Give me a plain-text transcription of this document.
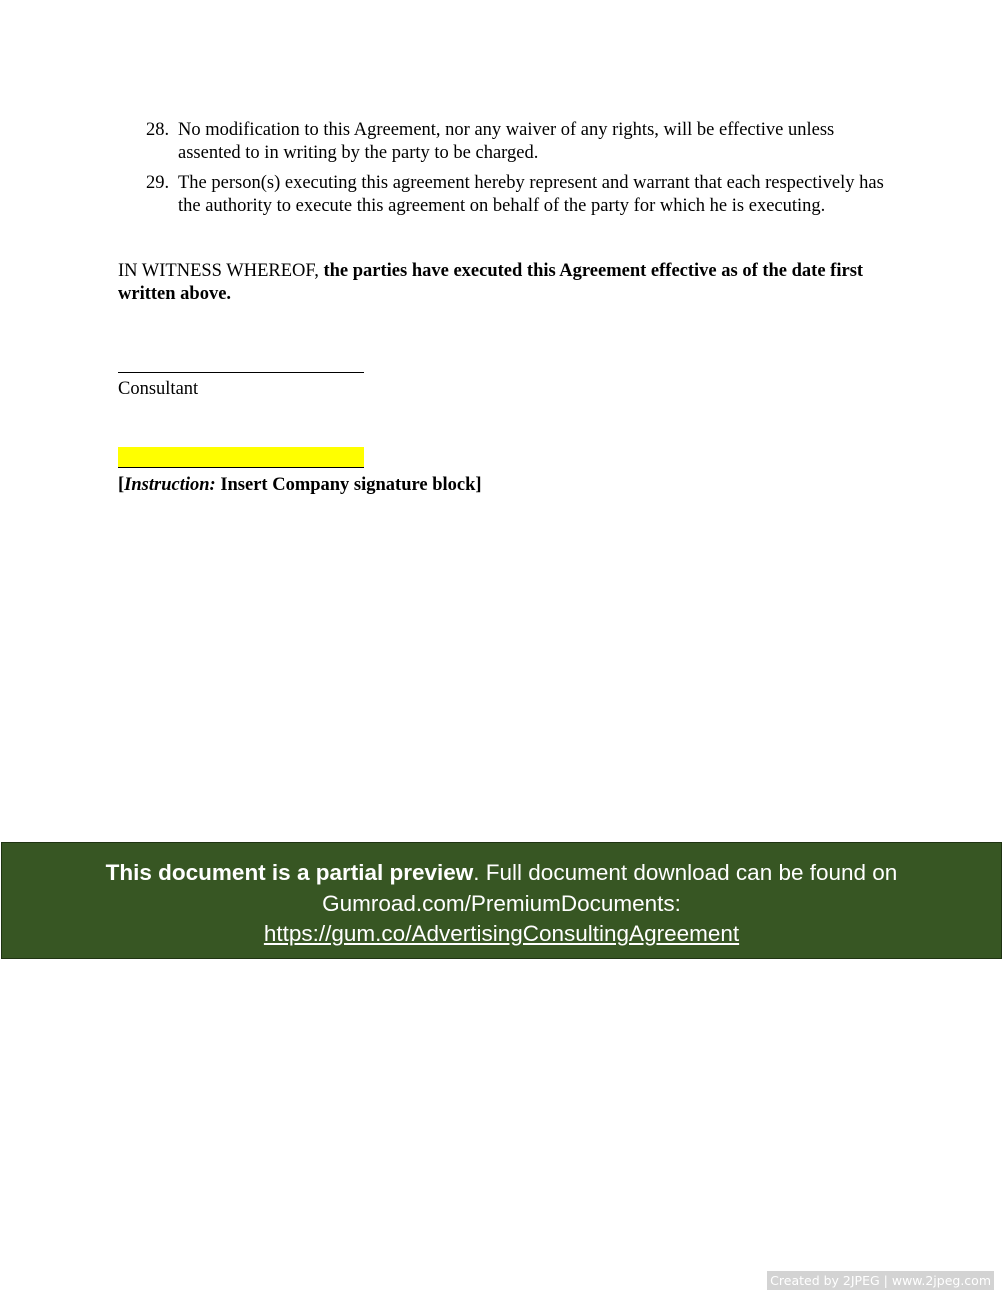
28. No modification to this Agreement, nor any waiver of any rights, will be effective unless assented to in writing by the party to be charged.
29. The person(s) executing this agreement hereby represent and warrant that each respectively has the authority to execute this agreement on behalf of the party for which he is executing.
IN WITNESS WHEREOF, the parties have executed this Agreement effective as of the date first written above.
Consultant
[Instruction: Insert Company signature block]
This document is a partial preview. Full document download can be found on Gumroad.com/PremiumDocuments:
https://gum.co/AdvertisingConsultingAgreement
Created by 2JPEG | www.2jpeg.com
